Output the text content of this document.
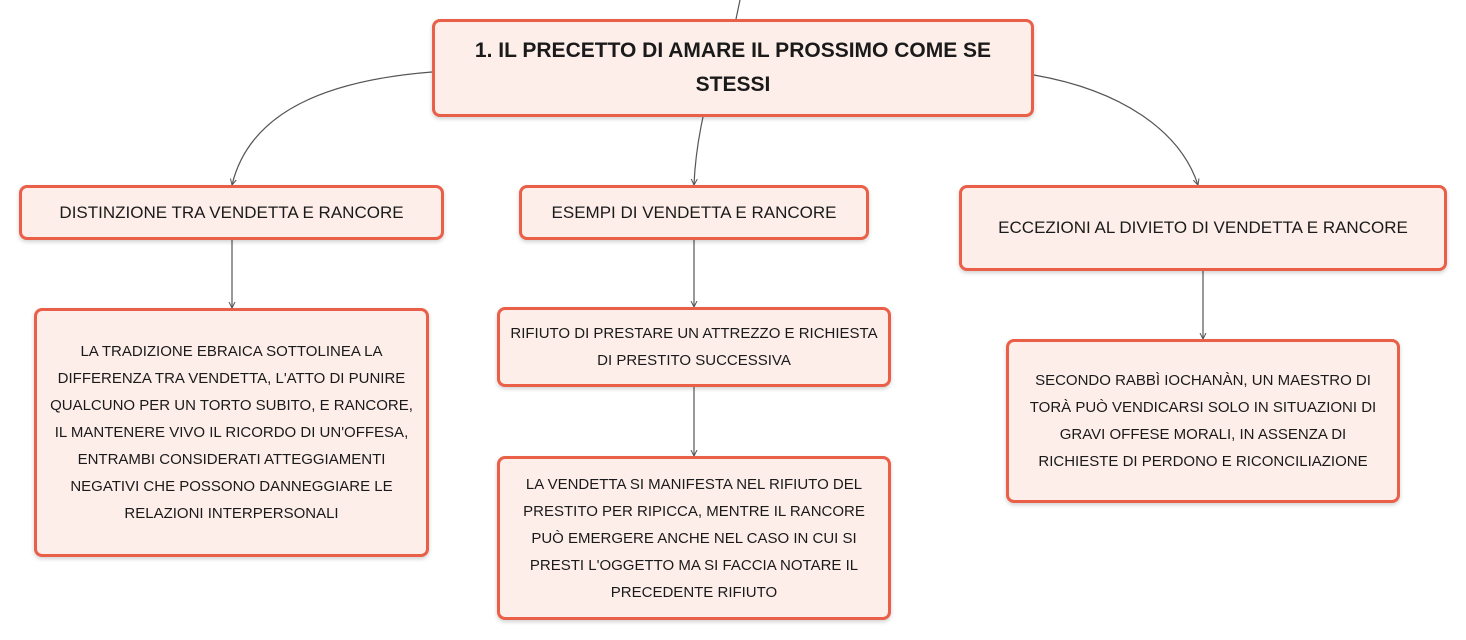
1. IL PRECETTO DI AMARE IL PROSSIMO COME SE STESSI
DISTINZIONE TRA VENDETTA E RANCORE	ESEMPI DI VENDETTA E RANCORE
ECCEZIONI AL DIVIETO DI VENDETTA E RANCORE
LA TRADIZIONE EBRAICA SOTTOLINEA LA DIFFERENZA TRA VENDETTA, L'ATTO DI PUNIRE QUALCUNO PER UN TORTO SUBITO, E RANCORE, IL MANTENERE VIVO IL RICORDO DI UN'OFFESA, ENTRAMBI CONSIDERATI ATTEGGIAMENTI NEGATIVI CHE POSSONO DANNEGGIARE LE RELAZIONI INTERPERSONALI
RIFIUTO DI PRESTARE UN ATTREZZO E RICHIESTA DI PRESTITO SUCCESSIVA
LA VENDETTA SI MANIFESTA NEL RIFIUTO DEL PRESTITO PER RIPICCA, MENTRE IL RANCORE PUÒ EMERGERE ANCHE NEL CASO IN CUI SI PRESTI L'OGGETTO MA SI FACCIA NOTARE IL PRECEDENTE RIFIUTO
SECONDO RABBÌ IOCHANÀN, UN MAESTRO DI TORÀ PUÒ VENDICARSI SOLO IN SITUAZIONI DI GRAVI OFFESE MORALI, IN ASSENZA DI RICHIESTE DI PERDONO E RICONCILIAZIONE
